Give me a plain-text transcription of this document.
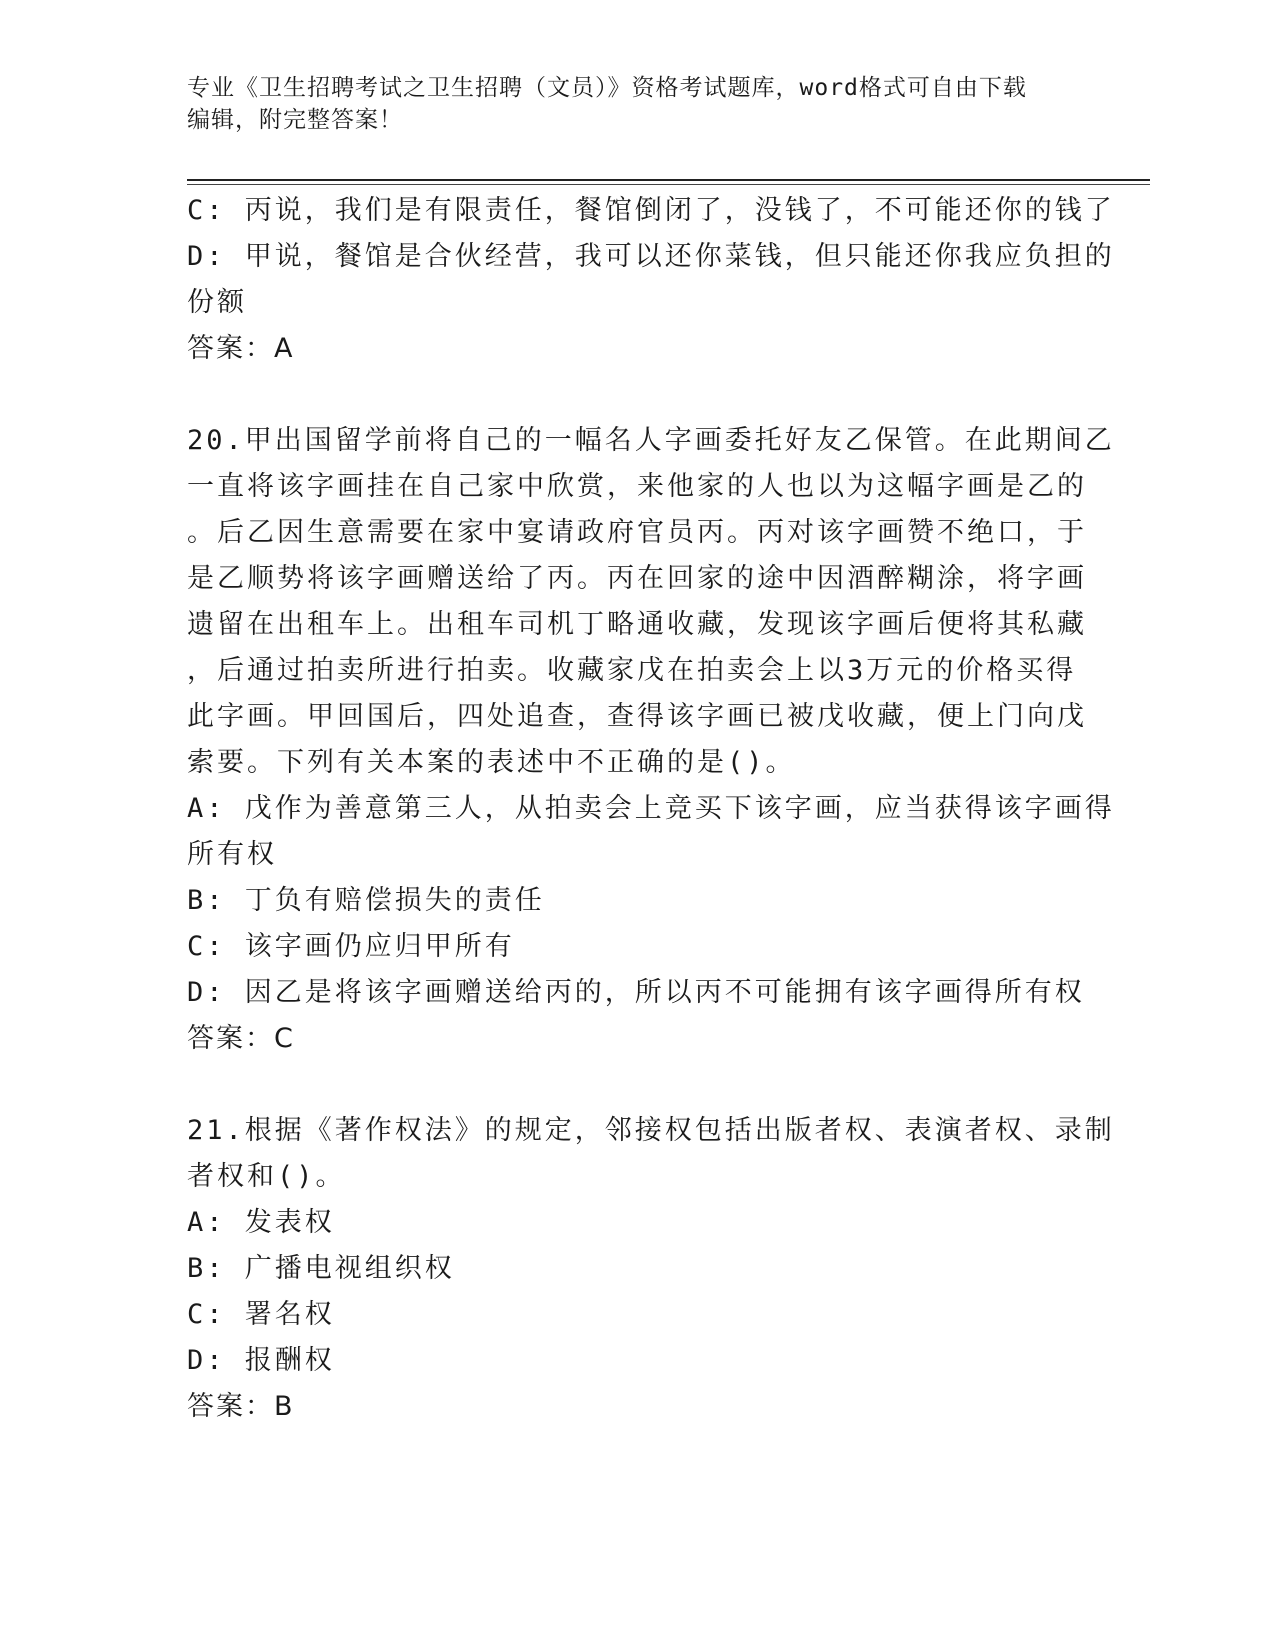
专业《卫生招聘考试之卫生招聘（文员）》资格考试题库，word格式可自由下载
编辑，附完整答案！
C: 丙说，我们是有限责任，餐馆倒闭了，没钱了，不可能还你的钱了
D: 甲说，餐馆是合伙经营，我可以还你菜钱，但只能还你我应负担的
份额
答案：A
20.甲出国留学前将自己的一幅名人字画委托好友乙保管。在此期间乙
一直将该字画挂在自己家中欣赏，来他家的人也以为这幅字画是乙的
。后乙因生意需要在家中宴请政府官员丙。丙对该字画赞不绝口，于
是乙顺势将该字画赠送给了丙。丙在回家的途中因酒醉糊涂，将字画
遗留在出租车上。出租车司机丁略通收藏，发现该字画后便将其私藏
，后通过拍卖所进行拍卖。收藏家戊在拍卖会上以3万元的价格买得
此字画。甲回国后，四处追查，查得该字画已被戊收藏，便上门向戊
索要。下列有关本案的表述中不正确的是()。
A: 戊作为善意第三人，从拍卖会上竞买下该字画，应当获得该字画得
所有权
B: 丁负有赔偿损失的责任
C: 该字画仍应归甲所有
D: 因乙是将该字画赠送给丙的，所以丙不可能拥有该字画得所有权
答案：C
21.根据《著作权法》的规定，邻接权包括出版者权、表演者权、录制
者权和()。
A: 发表权
B: 广播电视组织权
C: 署名权
D: 报酬权
答案：B
